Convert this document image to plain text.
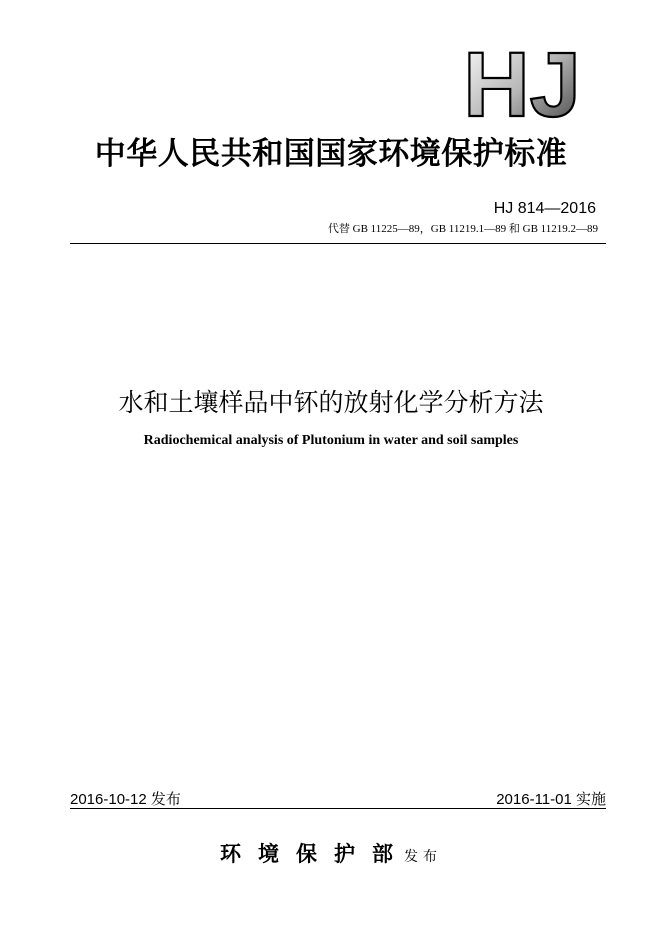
HJ
中华人民共和国国家环境保护标准
HJ 814—2016
代替 GB 11225—89，GB 11219.1—89 和 GB 11219.2—89
水和土壤样品中钚的放射化学分析方法
Radiochemical analysis of Plutonium in water and soil samples
2016-10-12 发布	2016-11-01 实施
环境保护部发布
